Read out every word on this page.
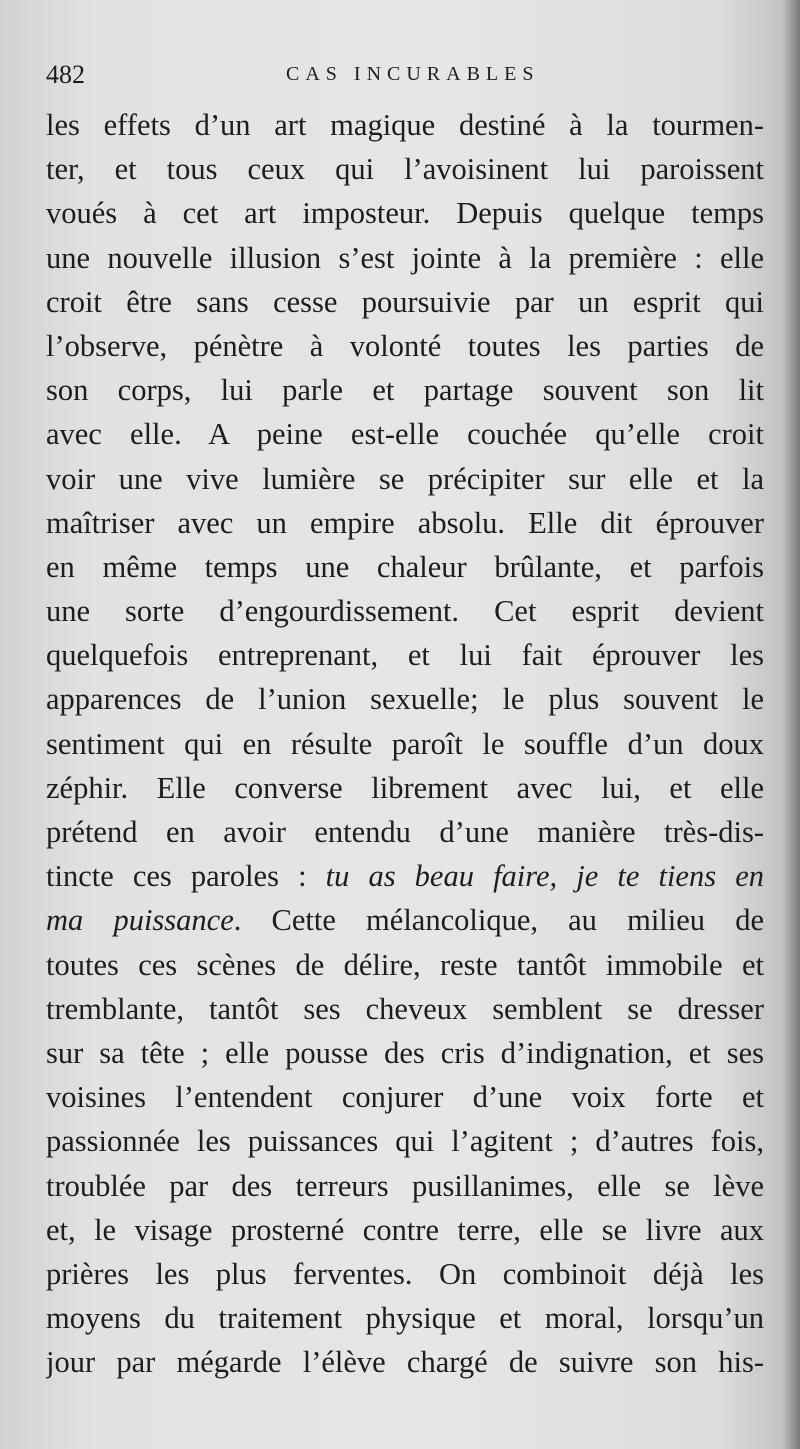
482	CAS INCURABLES
les effets d’un art magique destiné à la tourmen-
ter, et tous ceux qui l’avoisinent lui paroissent
voués à cet art imposteur. Depuis quelque temps
une nouvelle illusion s’est jointe à la première : elle
croit être sans cesse poursuivie par un esprit qui
l’observe, pénètre à volonté toutes les parties de
son corps, lui parle et partage souvent son lit
avec elle. A peine est-elle couchée qu’elle croit
voir une vive lumière se précipiter sur elle et la
maîtriser avec un empire absolu. Elle dit éprouver
en même temps une chaleur brûlante, et parfois
une sorte d’engourdissement. Cet esprit devient
quelquefois entreprenant, et lui fait éprouver les
apparences de l’union sexuelle; le plus souvent le
sentiment qui en résulte paroît le souffle d’un doux
zéphir. Elle converse librement avec lui, et elle
prétend en avoir entendu d’une manière très-dis-
tincte ces paroles : tu as beau faire, je te tiens en
ma puissance. Cette mélancolique, au milieu de
toutes ces scènes de délire, reste tantôt immobile et
tremblante, tantôt ses cheveux semblent se dresser
sur sa tête ; elle pousse des cris d’indignation, et ses
voisines l’entendent conjurer d’une voix forte et
passionnée les puissances qui l’agitent ; d’autres fois,
troublée par des terreurs pusillanimes, elle se lève
et, le visage prosterné contre terre, elle se livre aux
prières les plus ferventes. On combinoit déjà les
moyens du traitement physique et moral, lorsqu’un
jour par mégarde l’élève chargé de suivre son his-
